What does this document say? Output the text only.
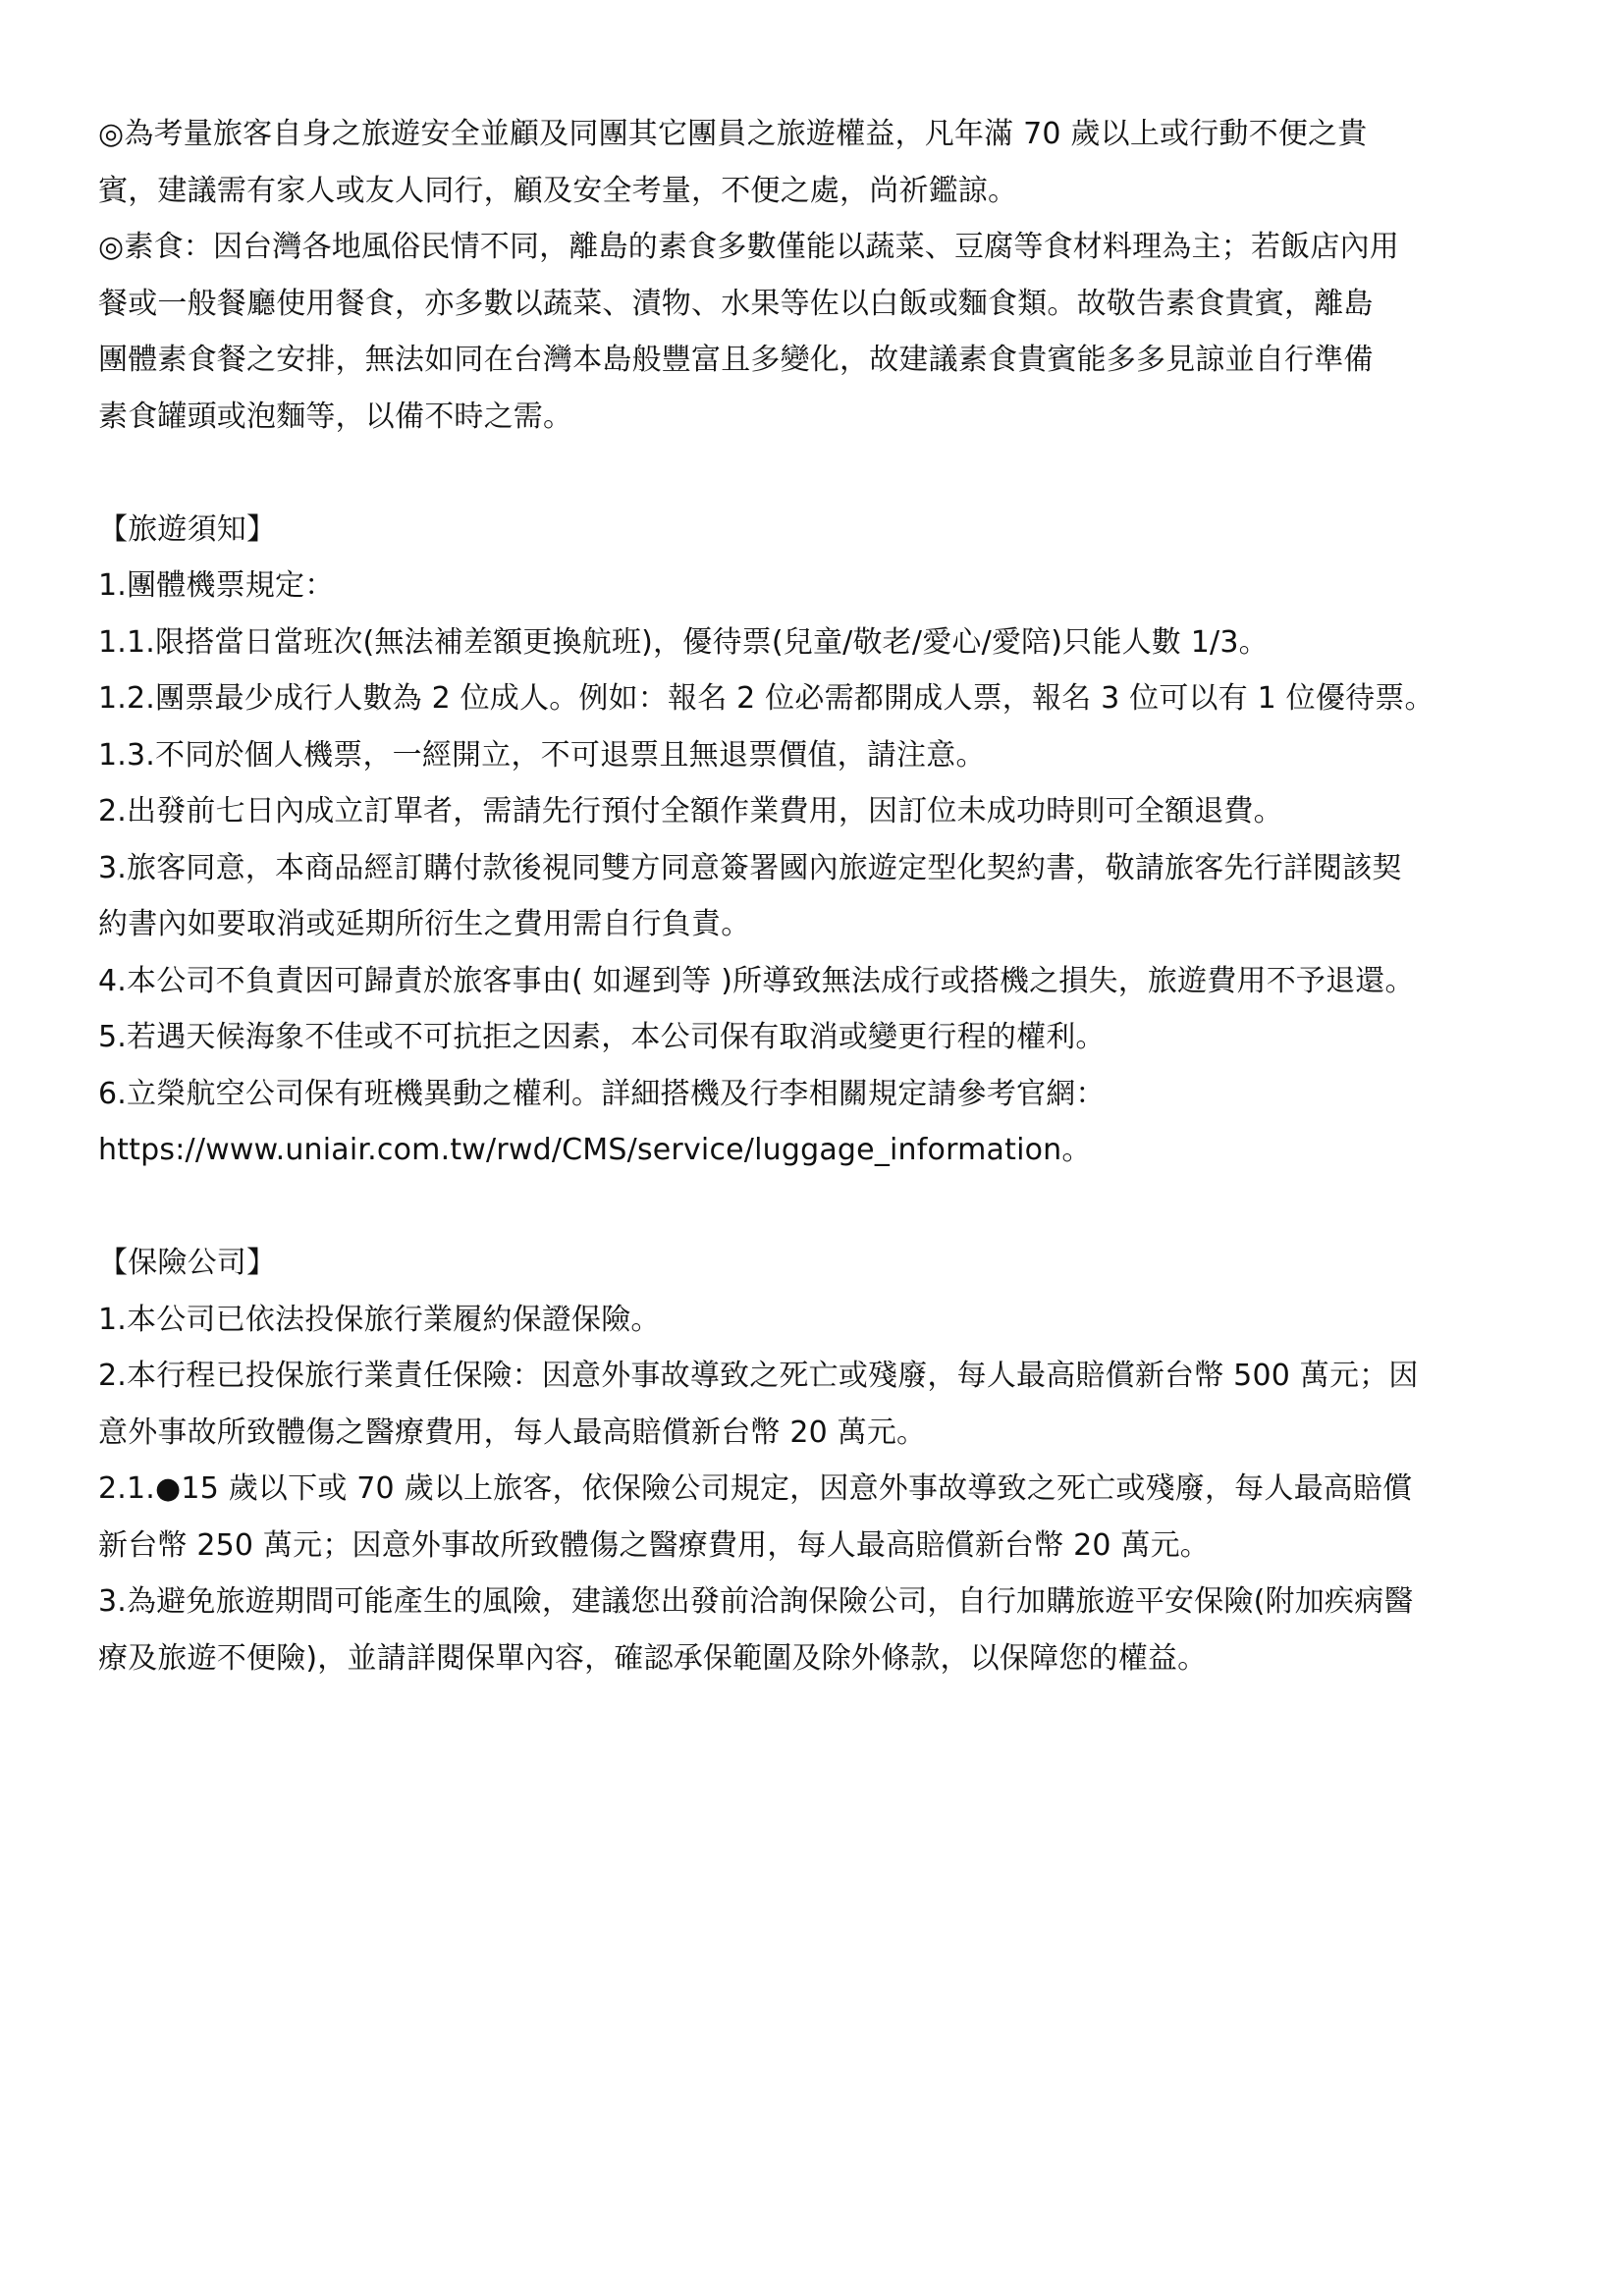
◎為考量旅客自身之旅遊安全並顧及同團其它團員之旅遊權益，凡年滿 70 歲以上或行動不便之貴
賓，建議需有家人或友人同行，顧及安全考量，不便之處，尚祈鑑諒。
◎素食：因台灣各地風俗民情不同，離島的素食多數僅能以蔬菜、豆腐等食材料理為主；若飯店內用
餐或一般餐廳使用餐食，亦多數以蔬菜、漬物、水果等佐以白飯或麵食類。故敬告素食貴賓，離島
團體素食餐之安排，無法如同在台灣本島般豐富且多變化，故建議素食貴賓能多多見諒並自行準備
素食罐頭或泡麵等，以備不時之需。
【旅遊須知】
1.團體機票規定：
1.1.限搭當日當班次(無法補差額更換航班)，優待票(兒童/敬老/愛心/愛陪)只能人數 1/3。
1.2.團票最少成行人數為 2 位成人。例如：報名 2 位必需都開成人票，報名 3 位可以有 1 位優待票。
1.3.不同於個人機票，一經開立，不可退票且無退票價值，請注意。
2.出發前七日內成立訂單者，需請先行預付全額作業費用，因訂位未成功時則可全額退費。
3.旅客同意，本商品經訂購付款後視同雙方同意簽署國內旅遊定型化契約書，敬請旅客先行詳閱該契
約書內如要取消或延期所衍生之費用需自行負責。
4.本公司不負責因可歸責於旅客事由( 如遲到等 )所導致無法成行或搭機之損失，旅遊費用不予退還。
5.若遇天候海象不佳或不可抗拒之因素，本公司保有取消或變更行程的權利。
6.立榮航空公司保有班機異動之權利。詳細搭機及行李相關規定請參考官網：
https://www.uniair.com.tw/rwd/CMS/service/luggage_information。
【保險公司】
1.本公司已依法投保旅行業履約保證保險。
2.本行程已投保旅行業責任保險：因意外事故導致之死亡或殘廢，每人最高賠償新台幣 500 萬元；因
意外事故所致體傷之醫療費用，每人最高賠償新台幣 20 萬元。
2.1.●15 歲以下或 70 歲以上旅客，依保險公司規定，因意外事故導致之死亡或殘廢，每人最高賠償
新台幣 250 萬元；因意外事故所致體傷之醫療費用，每人最高賠償新台幣 20 萬元。
3.為避免旅遊期間可能產生的風險，建議您出發前洽詢保險公司，自行加購旅遊平安保險(附加疾病醫
療及旅遊不便險)，並請詳閱保單內容，確認承保範圍及除外條款，以保障您的權益。
